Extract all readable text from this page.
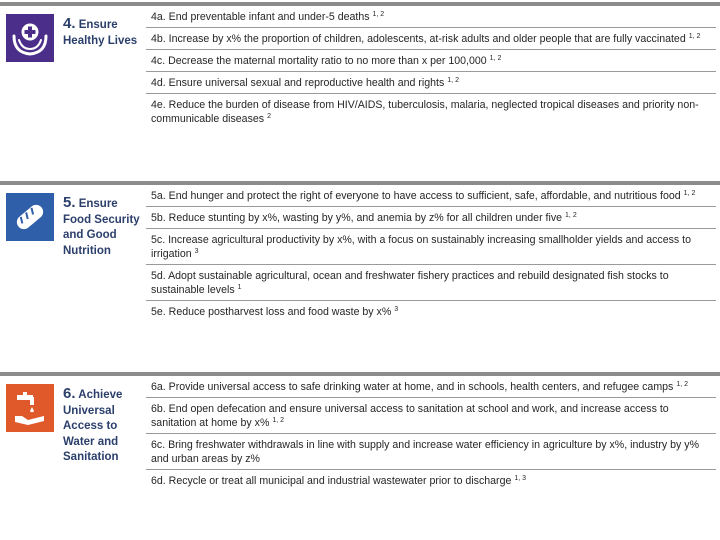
4. Ensure Healthy Lives
4a. End preventable infant and under-5 deaths $^{1, 2}$
4b. Increase by x% the proportion of children, adolescents, at-risk adults and older people that are fully vaccinated $^{1, 2}$
4c. Decrease the maternal mortality ratio to no more than x per 100,000 $^{1, 2}$
4d. Ensure universal sexual and reproductive health and rights $^{1, 2}$
4e. Reduce the burden of disease from HIV/AIDS, tuberculosis, malaria, neglected tropical diseases and priority non-communicable diseases $^2$
5. Ensure Food Security and Good Nutrition
5a. End hunger and protect the right of everyone to have access to sufficient, safe, affordable, and nutritious food $^{1, 2}$
5b. Reduce stunting by x%, wasting by y%, and anemia by z% for all children under five $^{1, 2}$
5c. Increase agricultural productivity by x%, with a focus on sustainably increasing smallholder yields and access to irrigation $^3$
5d. Adopt sustainable agricultural, ocean and freshwater fishery practices and rebuild designated fish stocks to sustainable levels $^1$
5e. Reduce postharvest loss and food waste by x% $^3$
6. Achieve Universal Access to Water and Sanitation
6a. Provide universal access to safe drinking water at home, and in schools, health centers, and refugee camps $^{1, 2}$
6b. End open defecation and ensure universal access to sanitation at school and work, and increase access to sanitation at home by x% $^{1, 2}$
6c. Bring freshwater withdrawals in line with supply and increase water efficiency in agriculture by x%, industry by y% and urban areas by z%
6d. Recycle or treat all municipal and industrial wastewater prior to discharge $^{1, 3}$
